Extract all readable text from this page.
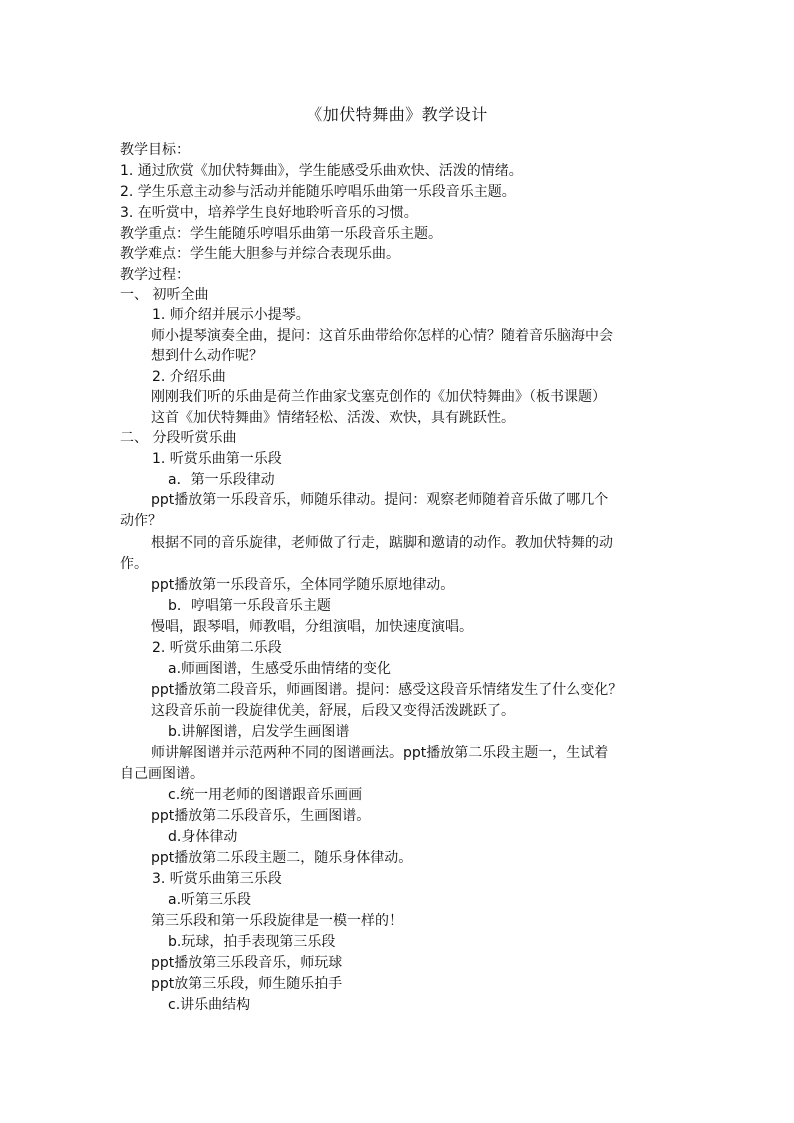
《加伏特舞曲》教学设计
教学目标：
1. 通过欣赏《加伏特舞曲》，学生能感受乐曲欢快、活泼的情绪。
2. 学生乐意主动参与活动并能随乐哼唱乐曲第一乐段音乐主题。
3. 在听赏中，培养学生良好地聆听音乐的习惯。
教学重点：学生能随乐哼唱乐曲第一乐段音乐主题。
教学难点：学生能大胆参与并综合表现乐曲。
教学过程：
一、 初听全曲
1. 师介绍并展示小提琴。
师小提琴演奏全曲，提问：这首乐曲带给你怎样的心情？随着音乐脑海中会
想到什么动作呢？
2. 介绍乐曲
刚刚我们听的乐曲是荷兰作曲家戈塞克创作的《加伏特舞曲》（板书课题）
这首《加伏特舞曲》情绪轻松、活泼、欢快，具有跳跃性。
二、 分段听赏乐曲
1. 听赏乐曲第一乐段
a．第一乐段律动
ppt播放第一乐段音乐，师随乐律动。提问：观察老师随着音乐做了哪几个
动作？
根据不同的音乐旋律，老师做了行走，踮脚和邀请的动作。教加伏特舞的动
作。
ppt播放第一乐段音乐，全体同学随乐原地律动。
b．哼唱第一乐段音乐主题
慢唱，跟琴唱，师教唱，分组演唱，加快速度演唱。
2. 听赏乐曲第二乐段
a.师画图谱，生感受乐曲情绪的变化
ppt播放第二段音乐，师画图谱。提问：感受这段音乐情绪发生了什么变化？
这段音乐前一段旋律优美，舒展，后段又变得活泼跳跃了。
b.讲解图谱，启发学生画图谱
师讲解图谱并示范两种不同的图谱画法。ppt播放第二乐段主题一，生试着
自己画图谱。
c.统一用老师的图谱跟音乐画画
ppt播放第二乐段音乐，生画图谱。
d.身体律动
ppt播放第二乐段主题二，随乐身体律动。
3. 听赏乐曲第三乐段
a.听第三乐段
第三乐段和第一乐段旋律是一模一样的！
b.玩球，拍手表现第三乐段
ppt播放第三乐段音乐，师玩球
ppt放第三乐段，师生随乐拍手
c.讲乐曲结构
